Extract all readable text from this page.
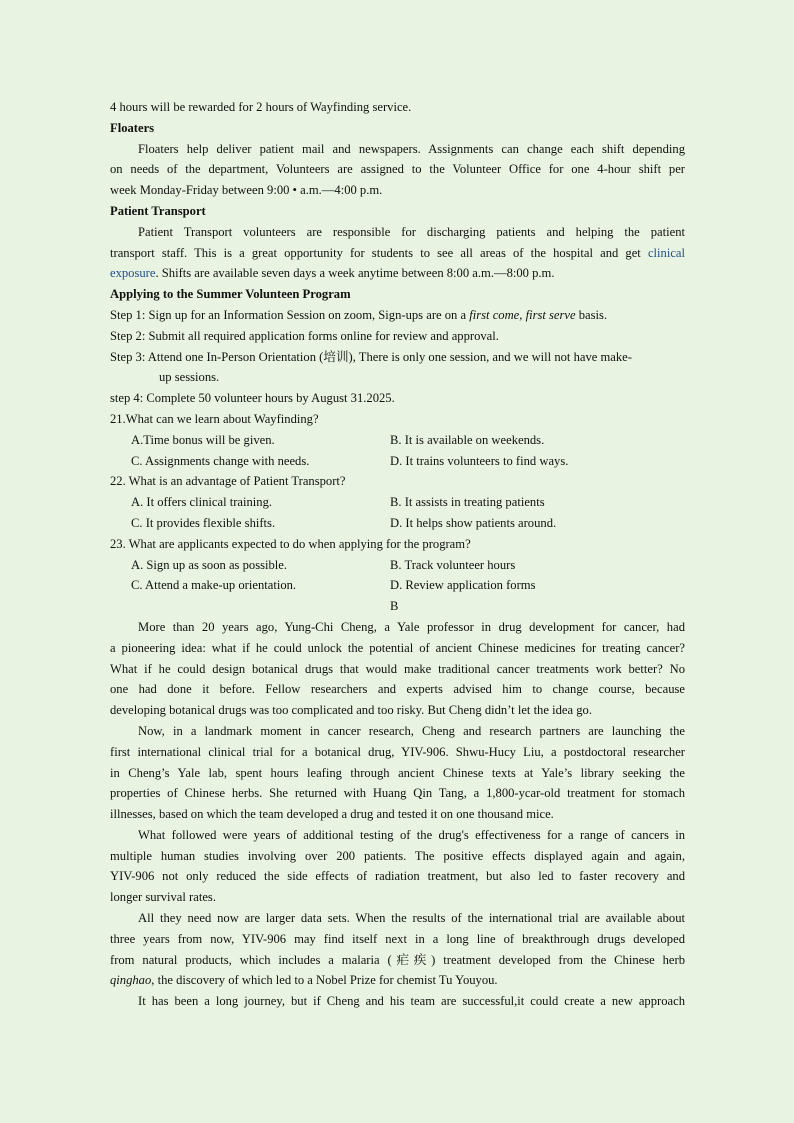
4 hours will be rewarded for 2 hours of Wayfinding service.
Floaters
Floaters help deliver patient mail and newspapers. Assignments can change each shift depending
on needs of the department, Volunteers are assigned to the Volunteer Office for one 4-hour shift per
week Monday-Friday between 9:00 • a.m.—4:00 p.m.
Patient Transport
Patient Transport volunteers are responsible for discharging patients and helping the patient
transport staff. This is a great opportunity for students to see all areas of the hospital and get clinical
exposure. Shifts are available seven days a week anytime between 8:00 a.m.—8:00 p.m.
Applying to the Summer Volunteen Program
Step 1: Sign up for an Information Session on zoom, Sign-ups are on a first come, first serve basis.
Step 2: Submit all required application forms online for review and approval.
Step 3: Attend one In-Person Orientation (培训), There is only one session, and we will not have make-
up sessions.
step 4: Complete 50 volunteer hours by August 31.2025.
21.What can we learn about Wayfinding?
A.Time bonus will be given.	B. It is available on weekends.
C. Assignments change with needs.	D. It trains volunteers to find ways.
22. What is an advantage of Patient Transport?
A. It offers clinical training.	B. It assists in treating patients
C. It provides flexible shifts.	D. It helps show patients around.
23. What are applicants expected to do when applying for the program?
A. Sign up as soon as possible.	B. Track volunteer hours
C. Attend a make-up orientation.	D. Review application forms
B
More than 20 years ago, Yung-Chi Cheng, a Yale professor in drug development for cancer, had
a pioneering idea: what if he could unlock the potential of ancient Chinese medicines for treating cancer?
What if he could design botanical drugs that would make traditional cancer treatments work better? No
one had done it before. Fellow researchers and experts advised him to change course, because
developing botanical drugs was too complicated and too risky. But Cheng didn’t let the idea go.
Now, in a landmark moment in cancer research, Cheng and research partners are launching the
first international clinical trial for a botanical drug, YIV-906. Shwu-Hucy Liu, a postdoctoral researcher
in Cheng’s Yale lab, spent hours leafing through ancient Chinese texts at Yale’s library seeking the
properties of Chinese herbs. She returned with Huang Qin Tang, a 1,800-ycar-old treatment for stomach
illnesses, based on which the team developed a drug and tested it on one thousand mice.
What followed were years of additional testing of the drug's effectiveness for a range of cancers in
multiple human studies involving over 200 patients. The positive effects displayed again and again,
YIV-906 not only reduced the side effects of radiation treatment, but also led to faster recovery and
longer survival rates.
All they need now are larger data sets. When the results of the international trial are available about
three years from now, YIV-906 may find itself next in a long line of breakthrough drugs developed
from natural products, which includes a malaria (疟疾) treatment developed from the Chinese herb
qinghao, the discovery of which led to a Nobel Prize for chemist Tu Youyou.
It has been a long journey, but if Cheng and his team are successful,it could create a new approach
